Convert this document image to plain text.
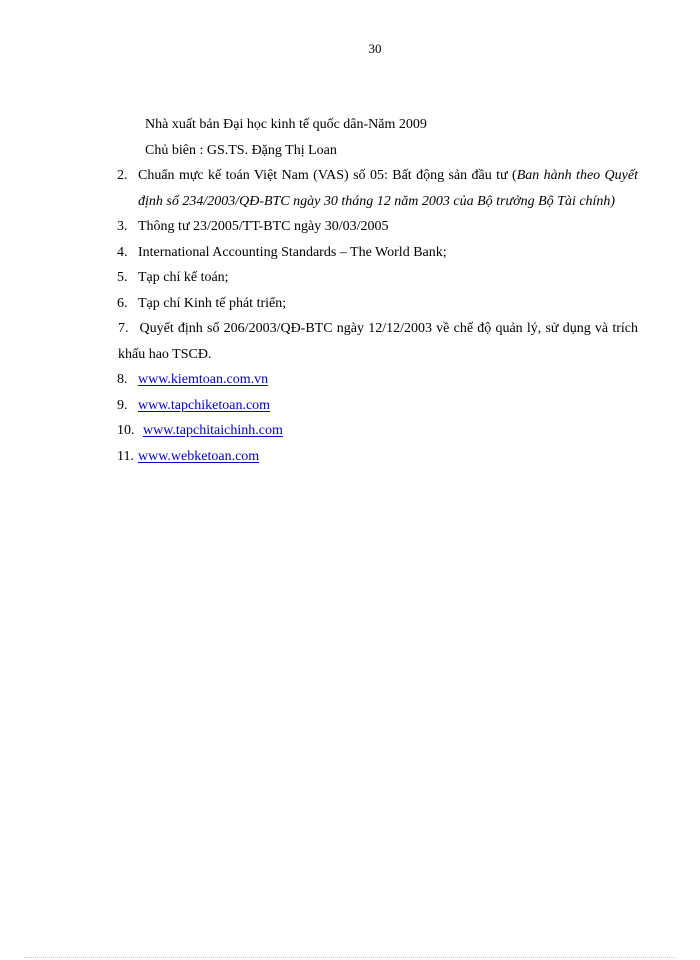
30
Nhà xuất bản Đại học kinh tế quốc dân-Năm 2009
Chủ biên : GS.TS. Đặng Thị Loan
2. Chuẩn mực kế toán Việt Nam (VAS) số 05: Bất động sản đầu tư (Ban hành theo Quyết định số 234/2003/QĐ-BTC ngày 30 tháng 12 năm 2003 của Bộ trưởng Bộ Tài chính)
3. Thông tư 23/2005/TT-BTC ngày 30/03/2005
4. International Accounting Standards – The World Bank;
5. Tạp chí kế toán;
6. Tạp chí Kinh tế phát triển;
7. Quyết định số 206/2003/QĐ-BTC ngày 12/12/2003 về chế độ quản lý, sử dụng và trích khấu hao TSCĐ.
8. www.kiemtoan.com.vn
9. www.tapchiketoan.com
10. www.tapchitaichinh.com
11. www.webketoan.com
